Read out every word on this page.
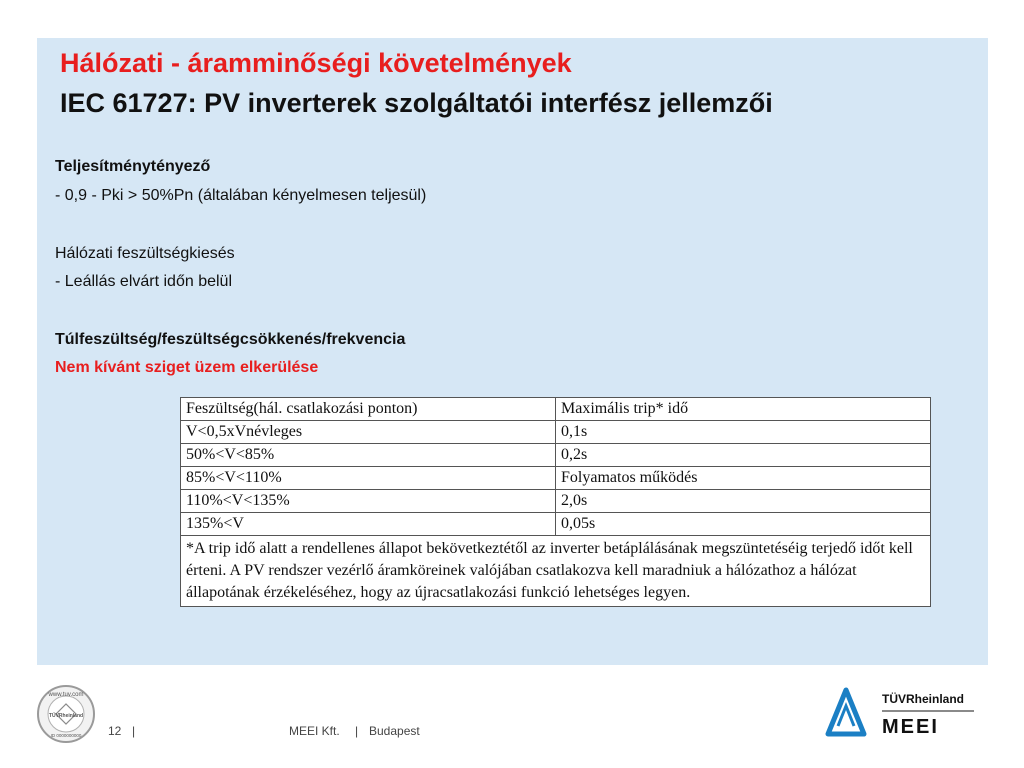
Hálózati - áramminőségi követelmények
IEC 61727: PV inverterek szolgáltatói interfész jellemzői
Teljesítménytényező
- 0,9 - Pki > 50%Pn (általában kényelmesen teljesül)
Hálózati feszültségkiesés
- Leállás elvárt időn belül
Túlfeszültség/feszültségcsökkenés/frekvencia
Nem kívánt sziget üzem elkerülése
Feszültség(hál. csatlakozási ponton)	Maximális trip* idő
V<0,5xVnévleges	0,1s
50%<V<85%	0,2s
85%<V<110%	Folyamatos működés
110%<V<135%	2,0s
135%<V	0,05s
*A trip idő alatt a rendellenes állapot bekövetkeztétől az inverter betáplálásának megszüntetéséig terjedő időt kell érteni. A PV rendszer vezérlő áramköreinek valójában csatlakozva kell maradniuk a hálózathoz a hálózat állapotának érzékeléséhez, hogy az újracsatlakozási funkció lehetséges legyen.	
www.tuv.com
TÜVRheinland
ID 0000000000 12 |	MEEI Kft. | Budapest
TÜVRheinland
MEEI
